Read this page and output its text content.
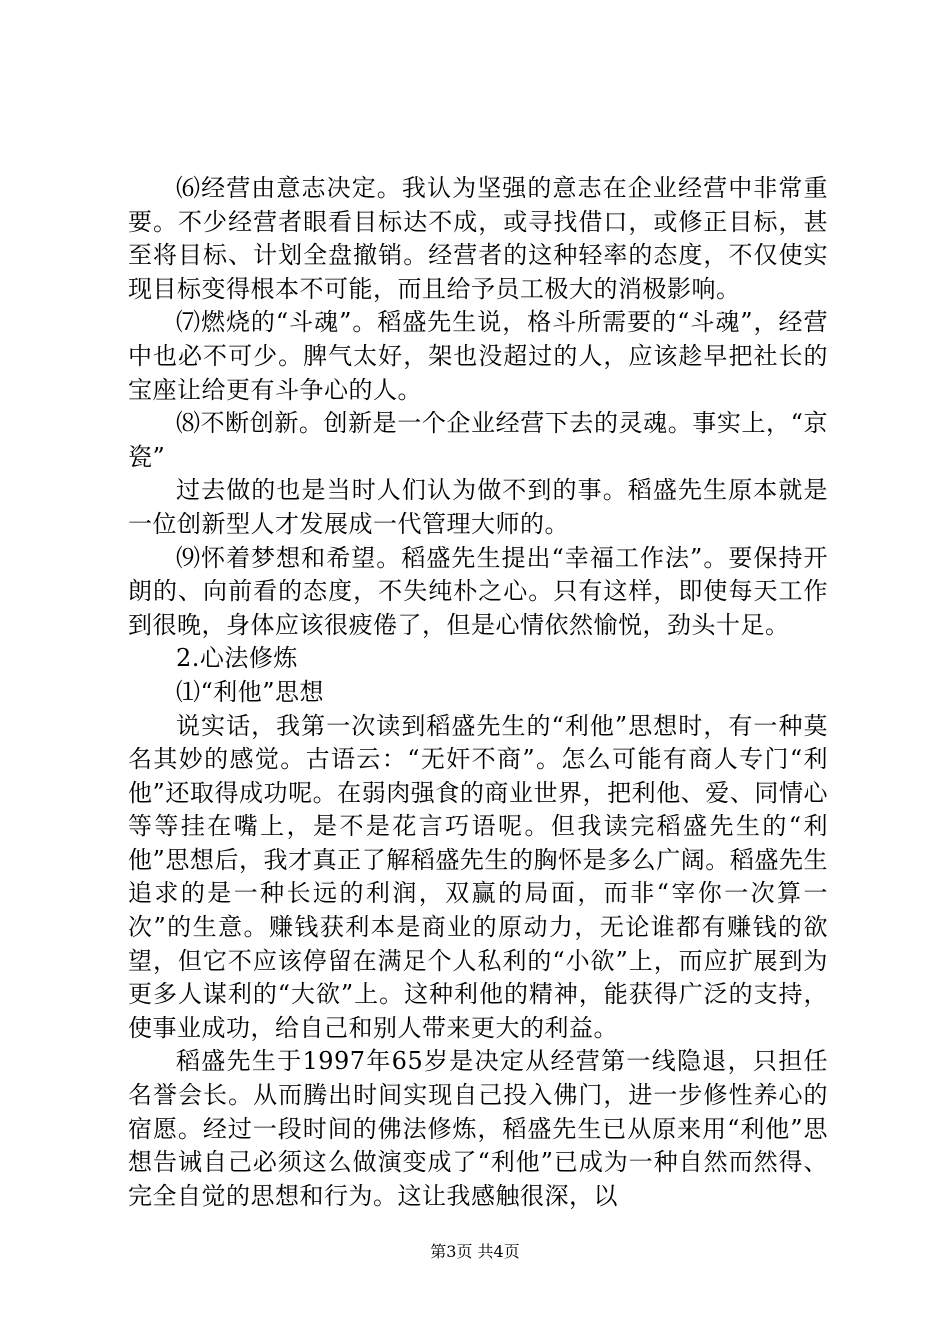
⑹经营由意志决定。我认为坚强的意志在企业经营中非常重要。不少经营者眼看目标达不成，或寻找借口，或修正目标，甚至将目标、计划全盘撤销。经营者的这种轻率的态度，不仅使实现目标变得根本不可能，而且给予员工极大的消极影响。

⑺燃烧的“斗魂”。稻盛先生说，格斗所需要的“斗魂”，经营中也必不可少。脾气太好，架也没超过的人，应该趁早把社长的宝座让给更有斗争心的人。

⑻不断创新。创新是一个企业经营下去的灵魂。事实上，“京瓷”

过去做的也是当时人们认为做不到的事。稻盛先生原本就是一位创新型人才发展成一代管理大师的。

⑼怀着梦想和希望。稻盛先生提出“幸福工作法”。要保持开朗的、向前看的态度，不失纯朴之心。只有这样，即使每天工作到很晚，身体应该很疲倦了，但是心情依然愉悦，劲头十足。

2.心法修炼

⑴“利他”思想

说实话，我第一次读到稻盛先生的“利他”思想时，有一种莫名其妙的感觉。古语云：“无奸不商”。怎么可能有商人专门“利他”还取得成功呢。在弱肉强食的商业世界，把利他、爱、同情心等等挂在嘴上，是不是花言巧语呢。但我读完稻盛先生的“利他”思想后，我才真正了解稻盛先生的胸怀是多么广阔。稻盛先生追求的是一种长远的利润，双赢的局面，而非“宰你一次算一次”的生意。赚钱获利本是商业的原动力，无论谁都有赚钱的欲望，但它不应该停留在满足个人私利的“小欲”上，而应扩展到为更多人谋利的“大欲”上。这种利他的精神，能获得广泛的支持，使事业成功，给自己和别人带来更大的利益。

稻盛先生于1997年65岁是决定从经营第一线隐退，只担任名誉会长。从而腾出时间实现自己投入佛门，进一步修性养心的宿愿。经过一段时间的佛法修炼，稻盛先生已从原来用“利他”思想告诫自己必须这么做演变成了“利他”已成为一种自然而然得、完全自觉的思想和行为。这让我感触很深，以

第3页 共4页
